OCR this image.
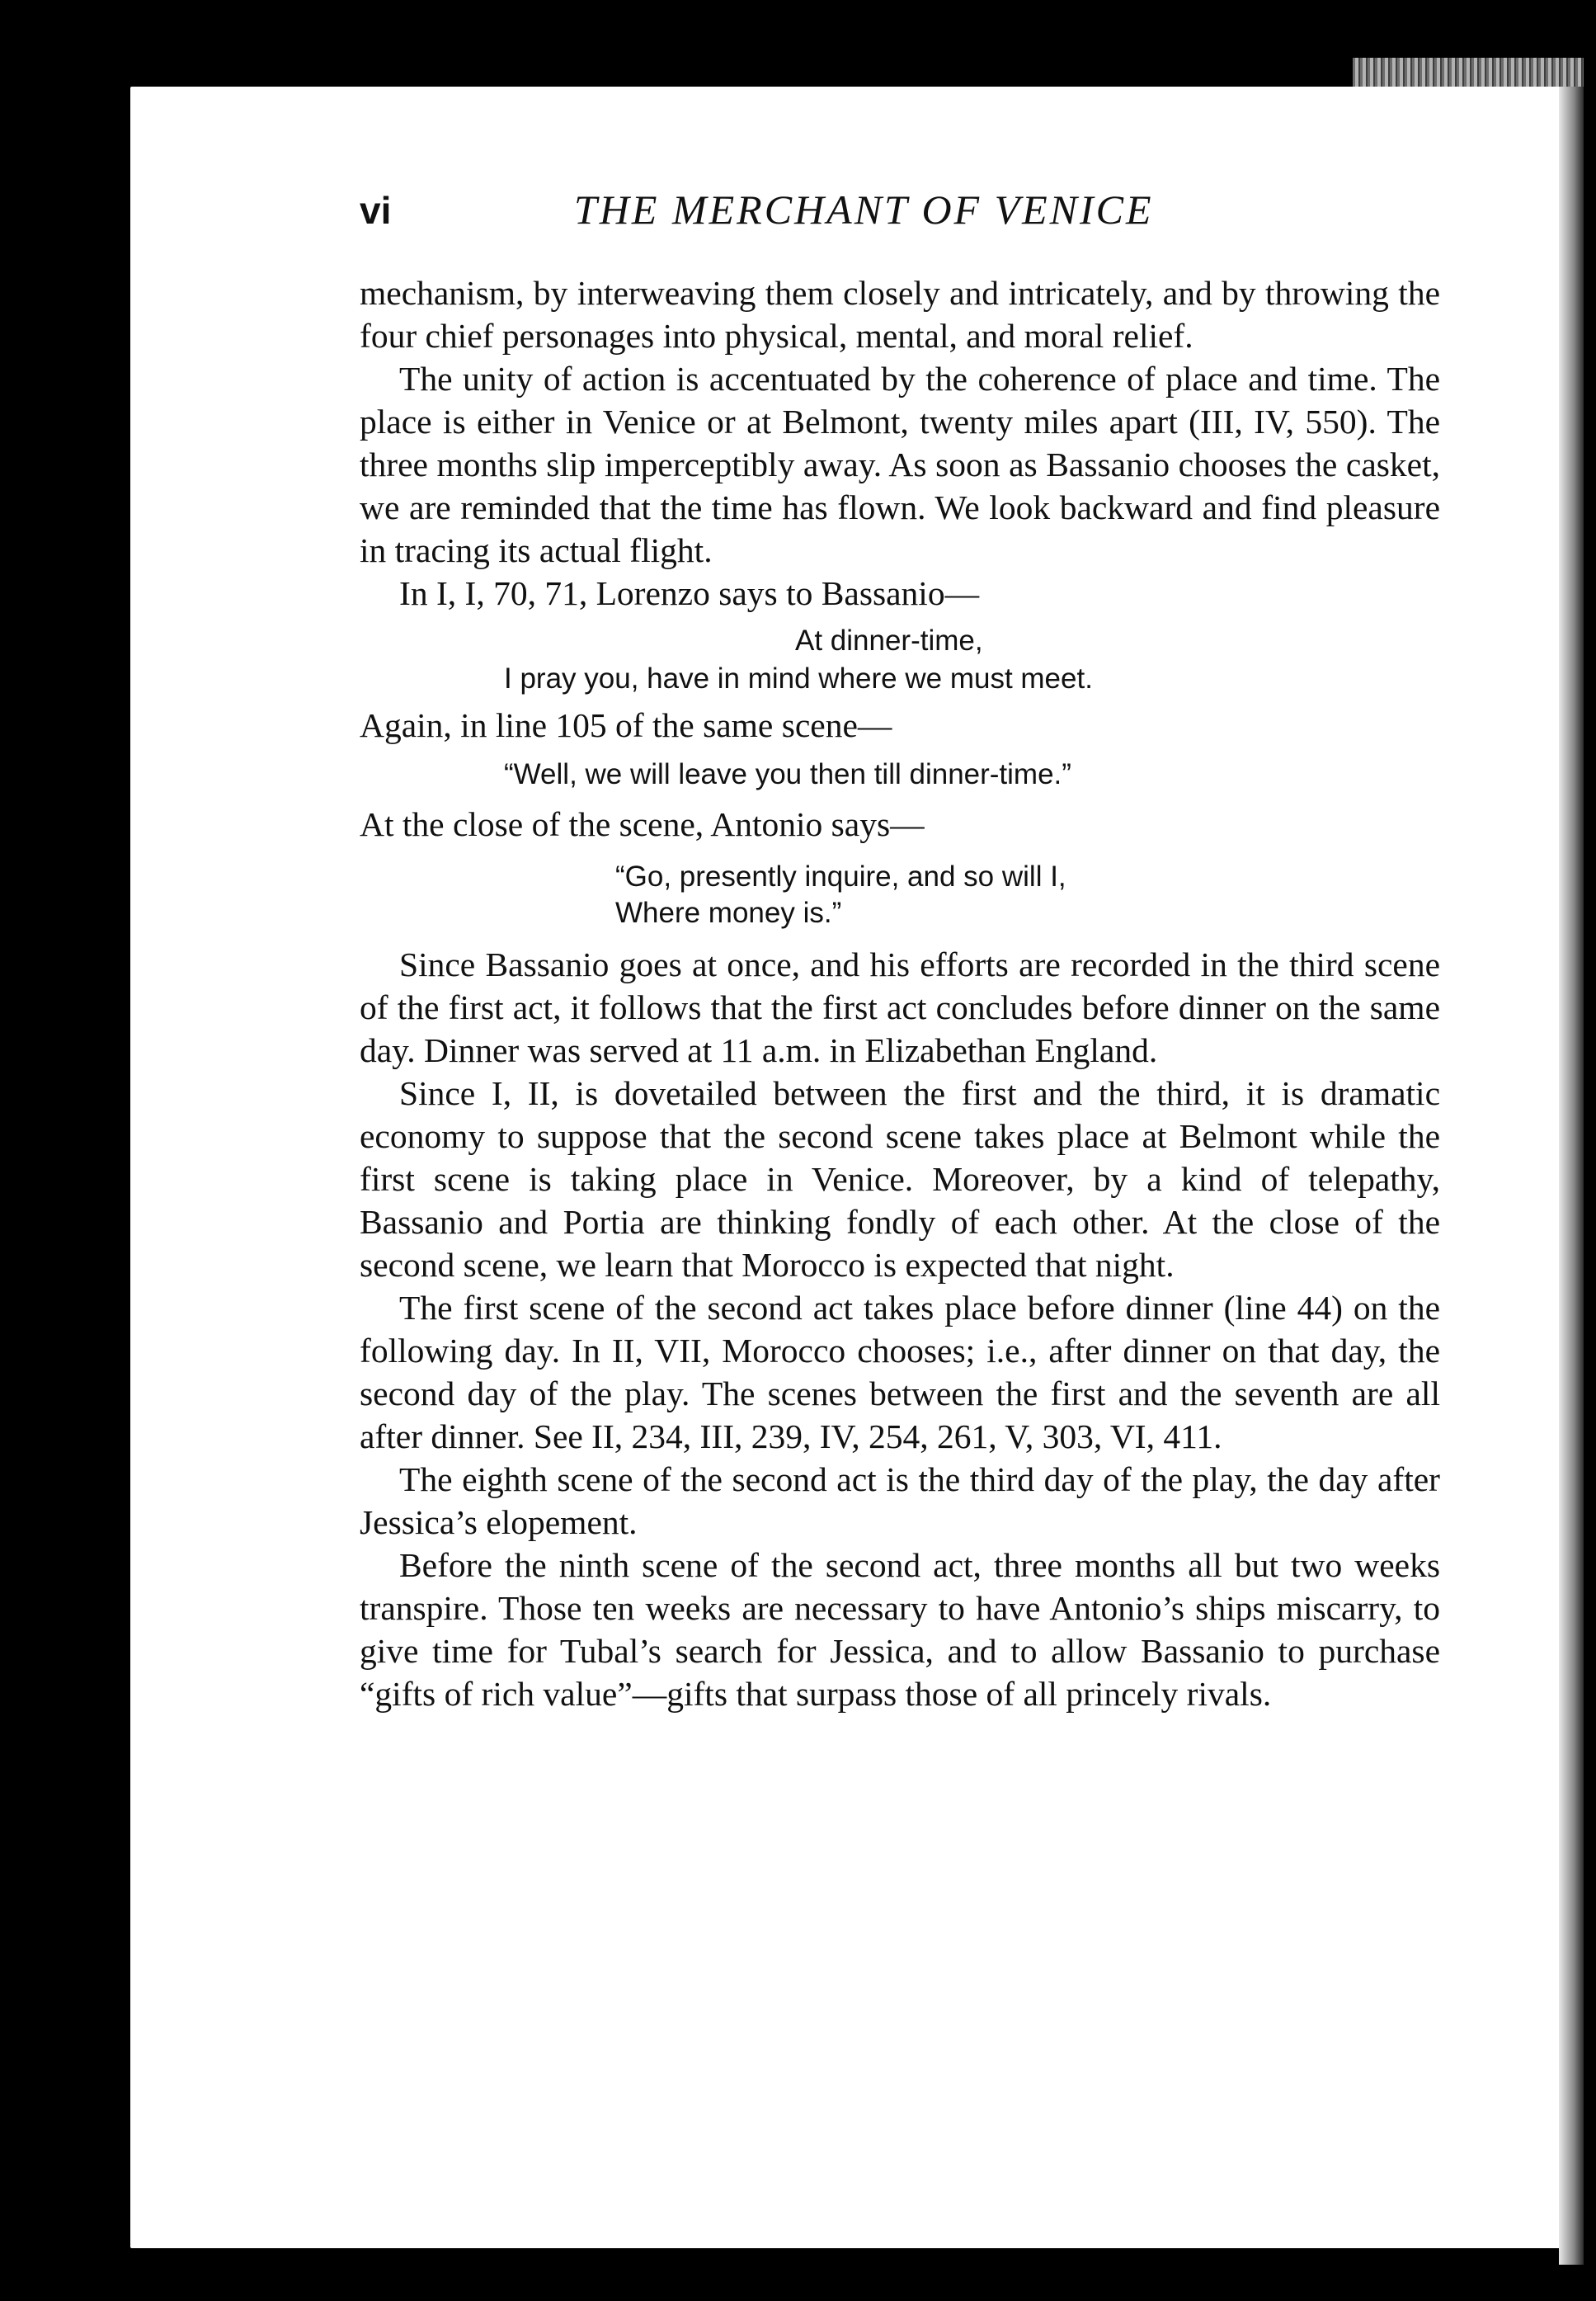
vi	THE MERCHANT OF VENICE

mechanism, by interweaving them closely and intricately, and by throwing the four chief personages into physical, mental, and moral relief.

The unity of action is accentuated by the coherence of place and time. The place is either in Venice or at Belmont, twenty miles apart (III, IV, 550). The three months slip imperceptibly away. As soon as Bassanio chooses the casket, we are reminded that the time has flown. We look backward and find pleasure in tracing its actual flight.

In I, I, 70, 71, Lorenzo says to Bassanio—

At dinner-time,
I pray you, have in mind where we must meet.

Again, in line 105 of the same scene—

“Well, we will leave you then till dinner-time.”

At the close of the scene, Antonio says—

“Go, presently inquire, and so will I,
Where money is.”

Since Bassanio goes at once, and his efforts are recorded in the third scene of the first act, it follows that the first act concludes before dinner on the same day. Dinner was served at 11 a.m. in Elizabethan England.

Since I, II, is dovetailed between the first and the third, it is dramatic economy to suppose that the second scene takes place at Belmont while the first scene is taking place in Venice. Moreover, by a kind of telepathy, Bassanio and Portia are thinking fondly of each other. At the close of the second scene, we learn that Morocco is expected that night.

The first scene of the second act takes place before dinner (line 44) on the following day. In II, VII, Morocco chooses; i.e., after dinner on that day, the second day of the play. The scenes between the first and the seventh are all after dinner. See II, 234, III, 239, IV, 254, 261, V, 303, VI, 411.

The eighth scene of the second act is the third day of the play, the day after Jessica’s elopement.

Before the ninth scene of the second act, three months all but two weeks transpire. Those ten weeks are necessary to have Antonio’s ships miscarry, to give time for Tubal’s search for Jessica, and to allow Bassanio to purchase “gifts of rich value”—gifts that surpass those of all princely rivals.
